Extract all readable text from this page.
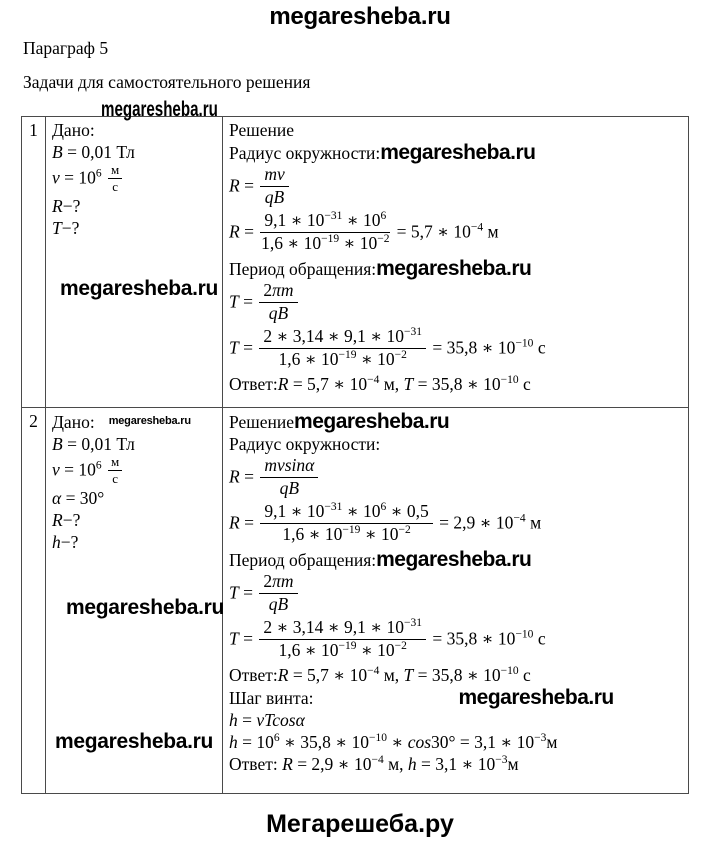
megaresheba.ru
Параграф 5
Задачи для самостоятельного решения
megaresheba.ru
1
megaresheba.ru
Дано:
B = 0,01 Тл
$v = 10^6 \frac{м}{с}$
R−?
T−?
Решение
Радиус окружности:megaresheba.ru
$R = \frac{mv}{qB}$
$R = \frac{9,1 ∗ 10^{-31} ∗ 10^6}{1,6 ∗ 10^{-19} ∗ 10^{-2}} = 5,7$ ∗ $10^{-4}$ м
Период обращения:megaresheba.ru
$T = \frac{2\pi m}{qB}$
$T = \frac{2 ∗ 3,14 ∗ 9,1 ∗ 10^{-31}}{1,6 ∗ 10^{-19} ∗ 10^{-2}} = 35,8$ ∗ $10^{-10}$ с
Ответ:R = 5,7 ∗ $10^{-4}$ м, T = 35,8 ∗ $10^{-10}$ с
2
megaresheba.ru
megaresheba.ru
Дано: $^{megaresheba.ru}$
B = 0,01 Тл
$v = 10^6 \frac{м}{с}$
α = 30°
R−?
h−?
Решениеmegaresheba.ru
Радиус окружности:
$R = \frac{mvsin\alpha}{qB}$
$R = \frac{9,1 ∗ 10^{-31} ∗ 10^6 ∗ 0,5}{1,6 ∗ 10^{-19} ∗ 10^{-2}} = 2,9$ ∗ $10^{-4}$ м
Период обращения:megaresheba.ru
$T = \frac{2\pi m}{qB}$
$T = \frac{2 ∗ 3,14 ∗ 9,1 ∗ 10^{-31}}{1,6 ∗ 10^{-19} ∗ 10^{-2}} = 35,8$ ∗ $10^{-10}$ с
Ответ:R = 5,7 ∗ $10^{-4}$ м, T = 35,8 ∗ $10^{-10}$ с
Шаг винта:	megaresheba.ru
h = vTcosα
$h = 10^6$ ∗ 35,8 ∗ $10^{-10}$ ∗ cos30° = 3,1 ∗ $10^{-3}м$
Ответ: R = 2,9 ∗ $10^{-4}$ м, h = 3,1 ∗ $10^{-3}м$
Мегарешеба.ру
